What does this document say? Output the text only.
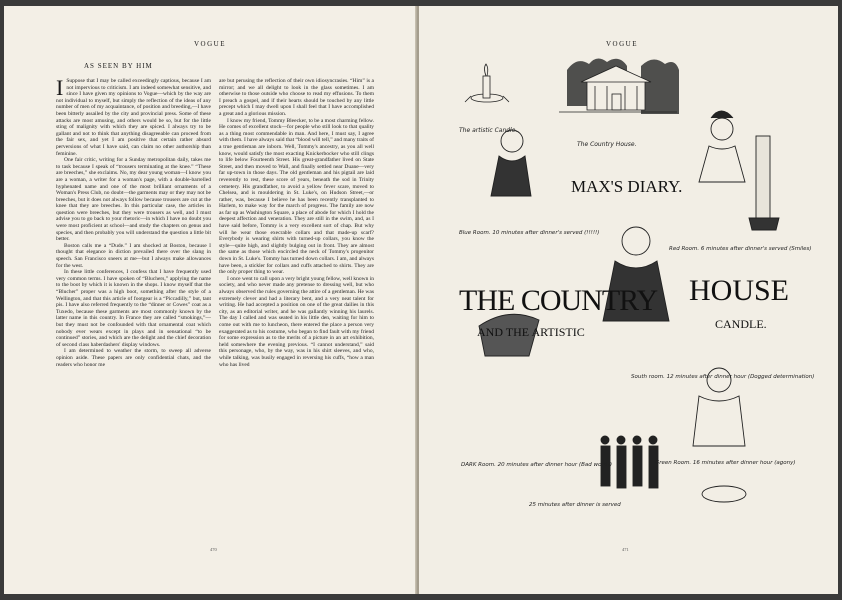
VOGUE
AS SEEN BY HIM

I Suppose that I may be called exceedingly captious, because I am not impervious to criticism. I am indeed somewhat sensitive, and since I have given my opinions to Vogue—which by the way are not individual to myself, but simply the reflection of the ideas of any number of men of my acquaintance, of position and breeding,—I have been bitterly assailed by the city and provincial press. Some of these attacks are most amusing, and others would be so, but for the little sting of malignity with which they are spiced. I always try to be gallant and not to think that anything disagreeable can proceed from the fair sex, and yet I am positive that certain rather absurd perversions of what I have said, can claim no other authorship than feminine.

One fair critic, writing for a Sunday metropolitan daily, takes me to task because I speak of “trousers terminating at the knee.” “These are breeches,” she exclaims. No, my dear young woman—I know you are a woman, a writer for a woman's page, with a double-barrelled hyphenated name and one of the most brilliant ornaments of a Woman's Press Club, no doubt—the garments may or they may not be breeches, but it does not always follow because trousers are cut at the knee that they are breeches. In this particular case, the articles in question were breeches, but they were trousers as well, and I must advise you to go back to your rhetoric—in which I have no doubt you were most proficient at school—and study the chapters on genus and species, and then probably you will understand the question a little bit better.

Boston calls me a “Dude.” I am shocked at Boston, because I thought that elegance in diction prevailed there over the slang in speech. San Francisco sneers at me—but I always make allowances for the west.

In these little conferences, I confess that I have frequently used very common terms. I have spoken of “Bluchers,” applying the name to the boot by which it is known in the shops. I know myself that the “Blucher” proper was a high boot, something after the style of a Wellington, and that this article of footgear is a “Piccadilly,” but, tant pis. I have also referred frequently to the “dinner or Cowes” coat as a Tuxedo, because these garments are most commonly known by the latter name in this country. In France they are called “smokings,”—but they must not be confounded with that ornamental coat which nobody ever wears except in plays and in sensational “to be continued” stories, and which are the delight and the chief decoration of second class haberdashers' display windows.

I am determined to weather the storm, to sweep all adverse opinion aside. These papers are only confidential chats, and the readers who honor me

are but perusing the reflection of their own idiosyncrasies. “Him” is a mirror; and we all delight to look in the glass sometimes. I am otherwise to those outside who choose to read my effusions. To them I preach a gospel, and if their hearts should be touched by any little precept which I may dwell upon I shall feel that I have accomplished a great and a glorious mission.

I know my friend, Tommy Bleecker, to be a most charming fellow. He comes of excellent stock—for people who still look to that quality as a thing most commendable in man. And here, I must say, I agree with them. I have always said that “blood will tell,” and many traits of a true gentleman are inborn. Well, Tommy's ancestry, as you all well know, would satisfy the most exacting Knickerbocker who still clings to life below Fourteenth Street. His great-grandfather lived on State Street, and then moved to Wall, and finally settled near Duane—very far up-town in those days. The old gentleman and his pigtail are laid reverently to rest, these score of years, beneath the sod in Trinity cemetery. His grandfather, to avoid a yellow fever scare, moved to Chelsea, and is mouldering in St. Luke's, on Hudson Street,—or rather, was, because I believe he has been recently transplanted to Harlem, to make way for the march of progress. The family are now as far up as Washington Square, a place of abode for which I hold the deepest affection and veneration. They are still in the swim, and, as I have said before, Tommy is a very excellent sort of chap. But why will he wear those execrable collars and that made-up scarf? Everybody is wearing shirts with turned-up collars, you know the style—quite high, and slightly bulging out in front. They are almost the same as those which encircled the neck of Tommy's progenitor down in St. Luke's. Tommy has turned down collars. I am, and always have been, a stickler for collars and cuffs attached to shirts. They are the only proper thing to wear.

I once went to call upon a very bright young fellow, well known in society, and who never made any pretense to dressing well, but who always observed the rules governing the attire of a gentleman. He was extremely clever and had a literary bent, and a very neat talent for writing. He had accepted a position on one of the great dailies in this city, as an editorial writer, and he was gallantly winning his laurels. The day I called and was seated in his little den, waiting for him to come out with me to luncheon, there entered the place a person very exaggerated as to his costume, who began to find fault with my friend for some expression as to the merits of a picture in an art exhibition, held somewhere the evening previous. “I cannot understand,” said this personage, who, by the way, was in his shirt sleeves, and who, while talking, was busily engaged in reversing his cuffs, “how a man who has lived

470
VOGUE
MAX'S DIARY.
THE COUNTRY HOUSE
AND THE ARTISTIC
CANDLE.
The artistic Candle.
The Country House.
Blue Room. 10 minutes after dinner's served (!!!!!)
Red Room. 6 minutes after dinner's served (Smiles)
South room. 12 minutes after dinner hour (Dogged determination)
DARK Room. 20 minutes after dinner hour (Bad words)	Green Room. 16 minutes after dinner hour (agony)
25 minutes after dinner is served
471
